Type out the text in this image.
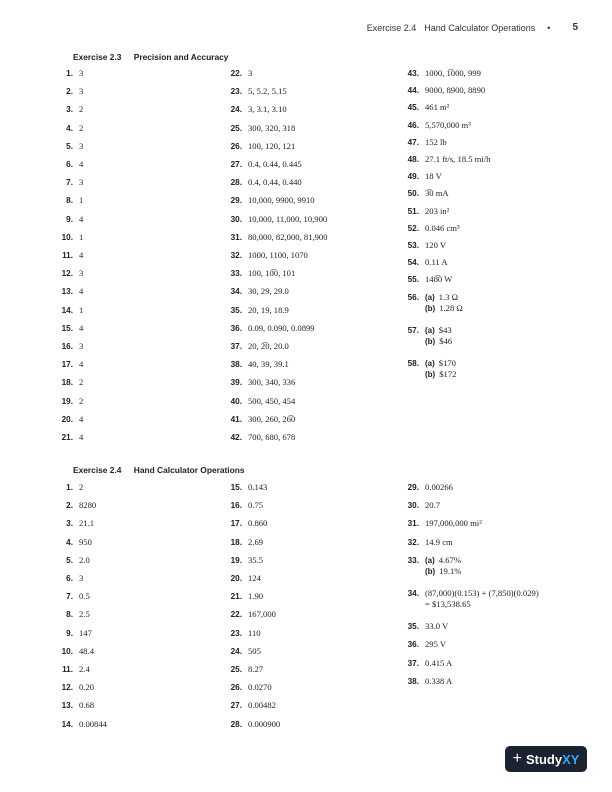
Exercise 2.4 Hand Calculator Operations • 5
Exercise 2.3 Precision and Accuracy
Exercise 2.4 Hand Calculator Operations
1. 3
2. 3
3. 2
4. 2
5. 3
6. 4
7. 3
8. 1
9. 4
10. 1
11. 4
12. 3
13. 4
14. 1
15. 4
16. 3
17. 4
18. 2
19. 2
20. 4
21. 4
22. 3
23. 5, 5.2, 5.15
24. 3, 3.1, 3.10
25. 300, 320, 318
26. 100, 120, 121
27. 0.4, 0.44, 0.445
28. 0.4, 0.44, 0.440
29. 10,000, 9900, 9910
30. 10,000, 11,000, 10,900
31. 80,000, 82,000, 81,900
32. 1000, 1100, 1070
33. 100, 10̅0, 101
34. 30, 29, 29.0
35. 20, 19, 18.9
36. 0.09, 0.090, 0.0899
37. 20, 2̅0, 20.0
38. 40, 39, 39.1
39. 300, 340, 336
40. 500, 450, 454
41. 300, 260, 26̅0
42. 700, 680, 678
43. 1000, 1̅000, 999
44. 9000, 8900, 8890
45. 461 m²
46. 5,570,000 m³
47. 152 lb
48. 27.1 ft/s, 18.5 mi/h
49. 18 V
50. 3̅0 mA
51. 203 in²
52. 0.046 cm³
53. 120 V
54. 0.11 A
55. 148̅0 W
56. (a) 1.3 Ω
(b) 1.28 Ω
57. (a) $43
(b) $46
58. (a) $170
(b) $172
1. 2
2. 8280
3. 21.1
4. 950
5. 2.0
6. 3
7. 0.5
8. 2.5
9. 147
10. 48.4
11. 2.4
12. 0.20
13. 0.68
14. 0.00844
15. 0.143
16. 0.75
17. 0.860
18. 2.69
19. 35.5
20. 124
21. 1.90
22. 167,000
23. 110
24. 505
25. 8.27
26. 0.0270
27. 0.00482
28. 0.000900
29. 0.00266
30. 20.7
31. 197,000,000 mi²
32. 14.9 cm
33. (a) 4.67%
(b) 19.1%
34. (87,000)(0.153) + (7,850)(0.029)
= $13,538.65
35. 33.0 V
36. 295 V
37. 0.415 A
38. 0.338 A
+ Study XY
